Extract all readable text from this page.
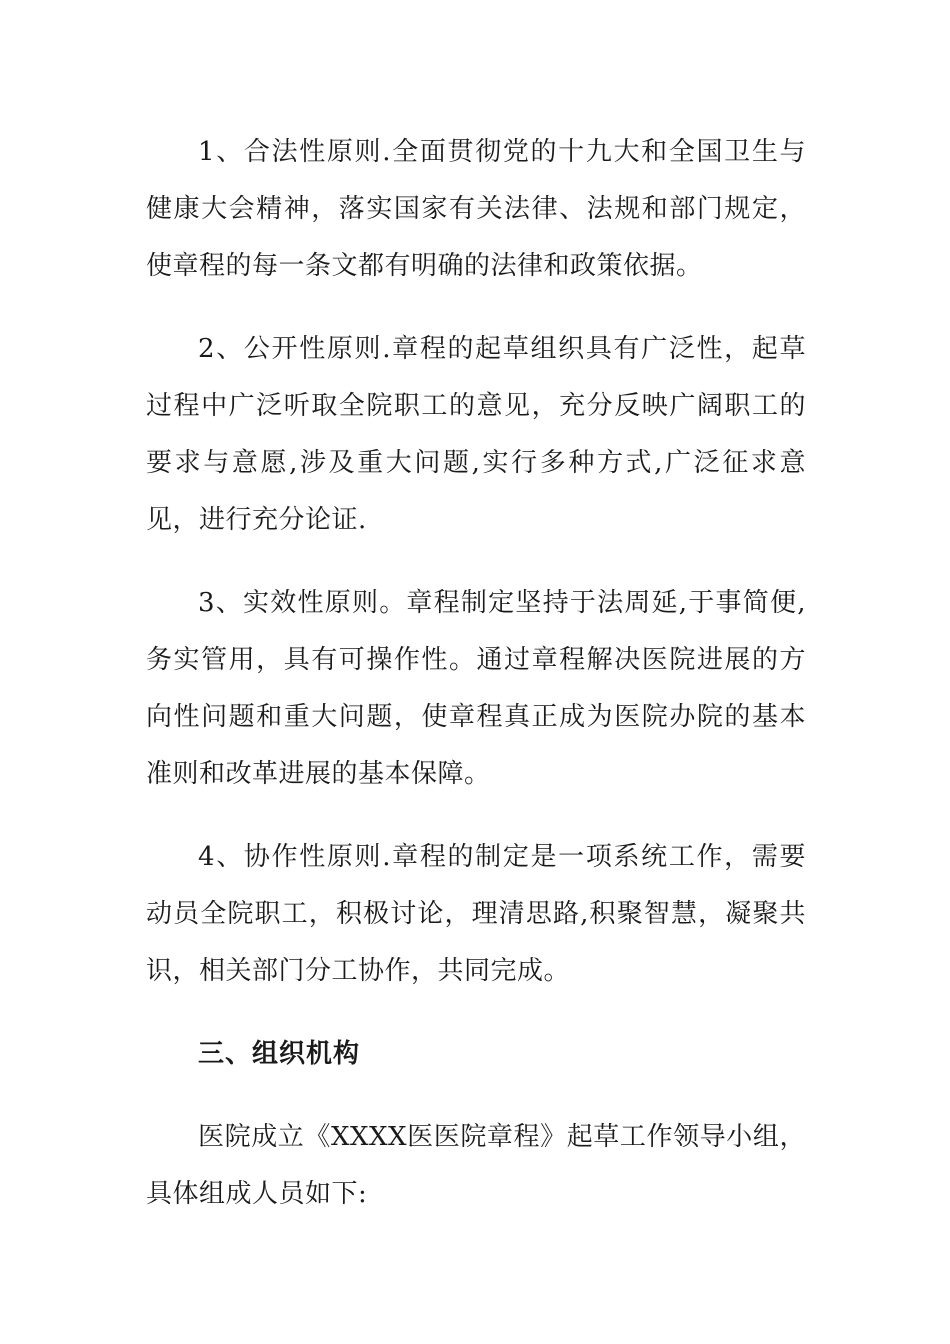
1、合法性原则.全面贯彻党的十九大和全国卫生与健康大会精神，落实国家有关法律、法规和部门规定，使章程的每一条文都有明确的法律和政策依据。

2、公开性原则.章程的起草组织具有广泛性，起草过程中广泛听取全院职工的意见，充分反映广阔职工的要求与意愿,涉及重大问题,实行多种方式,广泛征求意见，进行充分论证.

3、实效性原则。章程制定坚持于法周延,于事简便,务实管用，具有可操作性。通过章程解决医院进展的方向性问题和重大问题，使章程真正成为医院办院的基本准则和改革进展的基本保障。

4、协作性原则.章程的制定是一项系统工作，需要动员全院职工，积极讨论，理清思路,积聚智慧，凝聚共识，相关部门分工协作，共同完成。

三、组织机构

医院成立《XXXX医医院章程》起草工作领导小组，具体组成人员如下:
